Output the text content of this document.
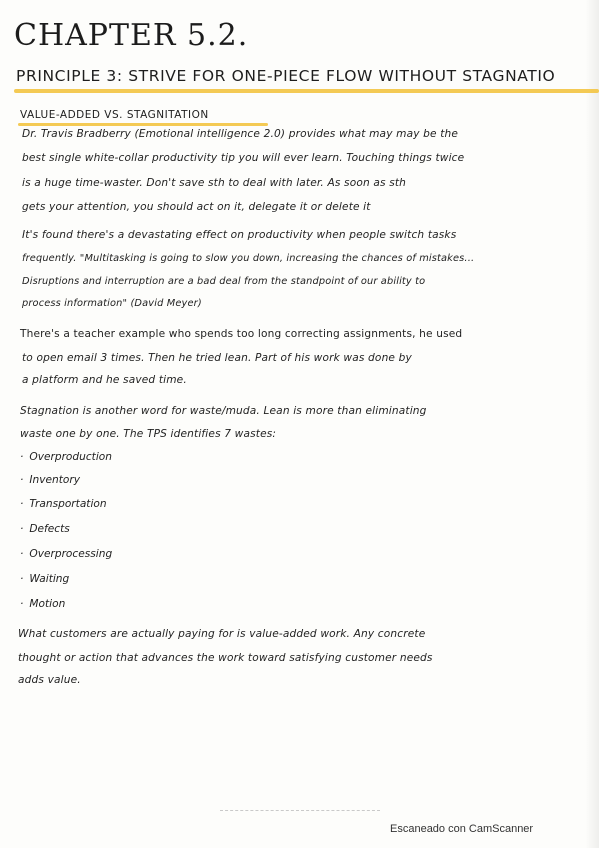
CHAPTER 5.2.
PRINCIPLE 3: STRIVE FOR ONE-PIECE FLOW WITHOUT STAGNATIO
VALUE-ADDED VS. STAGNITATION
Dr. Travis Bradberry (Emotional intelligence 2.0) provides what may may be the
best single white-collar productivity tip you will ever learn. Touching things twice
is a huge time-waster. Don't save sth to deal with later. As soon as sth
gets your attention, you should act on it, delegate it or delete it
It's found there's a devastating effect on productivity when people switch tasks
frequently. "Multitasking is going to slow you down, increasing the chances of mistakes...
Disruptions and interruption are a bad deal from the standpoint of our ability to
process information" (David Meyer)
There's a teacher example who spends too long correcting assignments, he used
to open email 3 times. Then he tried lean. Part of his work was done by
a platform and he saved time.
Stagnation is another word for waste/muda. Lean is more than eliminating
waste one by one. The TPS identifies 7 wastes:
· Overproduction
· Inventory
· Transportation
· Defects
· Overprocessing
· Waiting
· Motion
What customers are actually paying for is value-added work. Any concrete
thought or action that advances the work toward satisfying customer needs
adds value.
Escaneado con CamScanner
